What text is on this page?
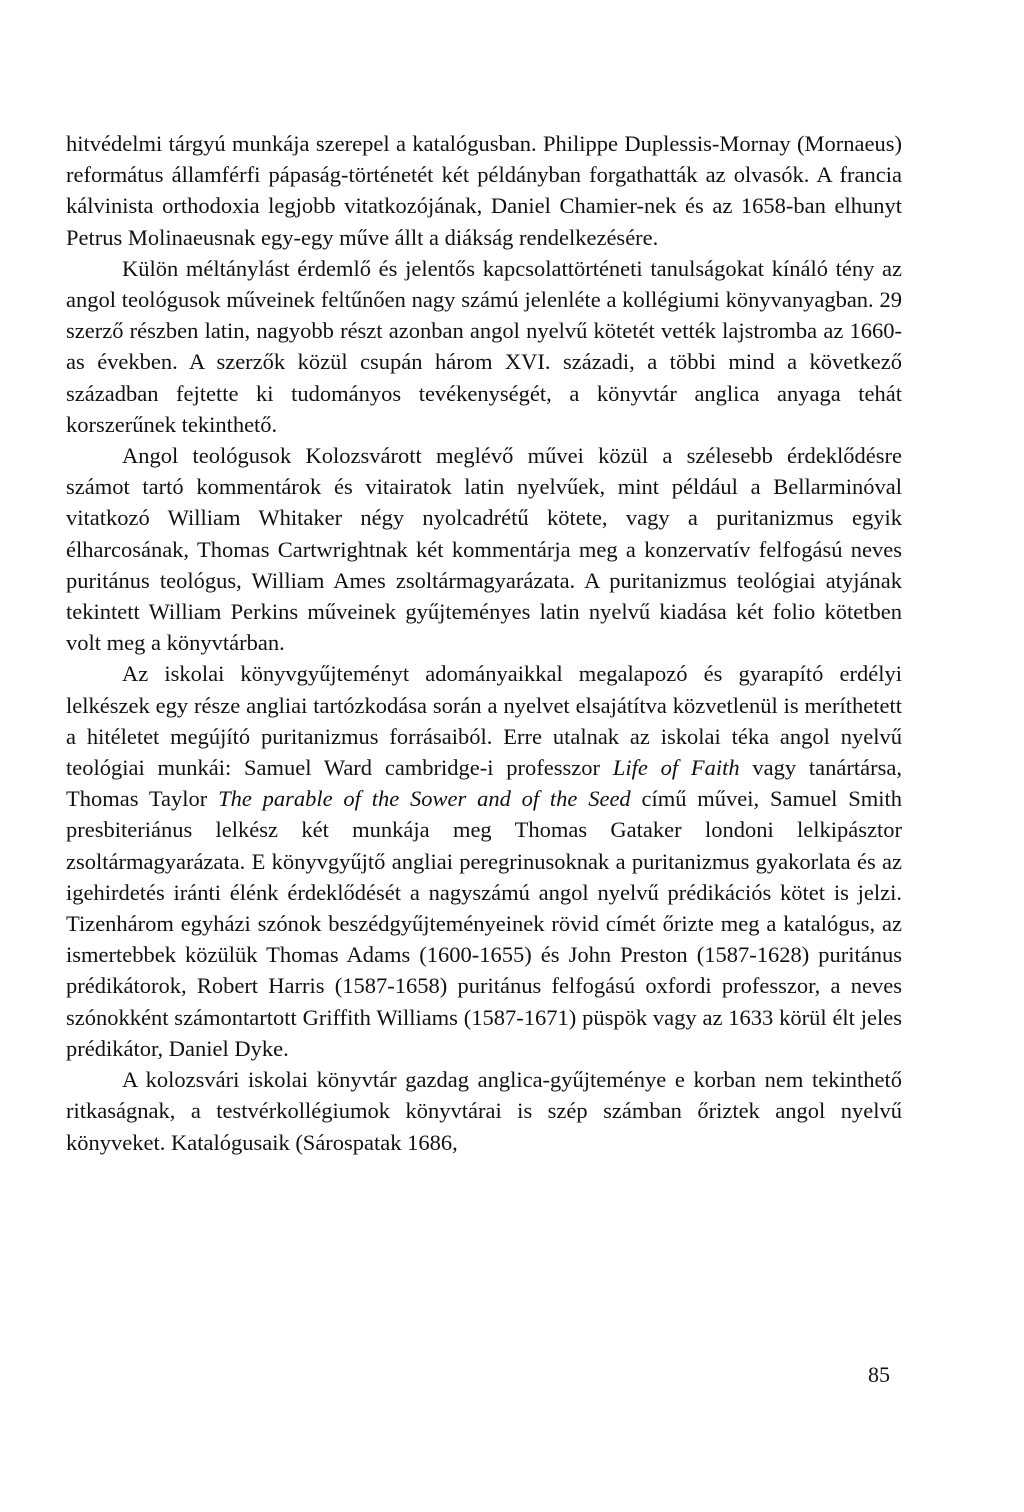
hitvédelmi tárgyú munkája szerepel a katalógusban. Philippe Duplessis-Mornay (Mornaeus) református államférfi pápaság-történetét két példányban forgathatták az olvasók. A francia kálvinista orthodoxia legjobb vitatkozójának, Daniel Chamier-nek és az 1658-ban elhunyt Petrus Molinaeusnak egy-egy műve állt a diákság rendelkezésére.

Külön méltánylást érdemlő és jelentős kapcsolattörténeti tanulságokat kínáló tény az angol teológusok műveinek feltűnően nagy számú jelenléte a kollégiumi könyvanyagban. 29 szerző részben latin, nagyobb részt azonban angol nyelvű kötetét vették lajstromba az 1660-as években. A szerzők közül csupán három XVI. századi, a többi mind a következő században fejtette ki tudományos tevékenységét, a könyvtár anglica anyaga tehát korszerűnek tekinthető.

Angol teológusok Kolozsvárott meglévő művei közül a szélesebb érdeklődésre számot tartó kommentárok és vitairatok latin nyelvűek, mint például a Bellarminóval vitatkozó William Whitaker négy nyolcadrétű kötete, vagy a puritanizmus egyik élharcosának, Thomas Cartwrightnak két kommentárja meg a konzervatív felfogású neves puritánus teológus, William Ames zsoltármagyarázata. A puritanizmus teológiai atyjának tekintett William Perkins műveinek gyűjteményes latin nyelvű kiadása két folio kötetben volt meg a könyvtárban.

Az iskolai könyvgyűjteményt adományaikkal megalapozó és gyarapító erdélyi lelkészek egy része angliai tartózkodása során a nyelvet elsajátítva közvetlenül is meríthetett a hitéletet megújító puritanizmus forrásaiból. Erre utalnak az iskolai téka angol nyelvű teológiai munkái: Samuel Ward cambridge-i professzor Life of Faith vagy tanártársa, Thomas Taylor The parable of the Sower and of the Seed című művei, Samuel Smith presbiteriánus lelkész két munkája meg Thomas Gataker londoni lelkipásztor zsoltármagyarázata. E könyvgyűjtő angliai peregrinusoknak a puritanizmus gyakorlata és az igehirdetés iránti élénk érdeklődését a nagyszámú angol nyelvű prédikációs kötet is jelzi. Tizenhárom egyházi szónok beszédgyűjteményeinek rövid címét őrizte meg a katalógus, az ismertebbek közülük Thomas Adams (1600-1655) és John Preston (1587-1628) puritánus prédikátorok, Robert Harris (1587-1658) puritánus felfogású oxfordi professzor, a neves szónokként számontartott Griffith Williams (1587-1671) püspök vagy az 1633 körül élt jeles prédikátor, Daniel Dyke.

A kolozsvári iskolai könyvtár gazdag anglica-gyűjteménye e korban nem tekinthető ritkaságnak, a testvérkollégiumok könyvtárai is szép számban őriztek angol nyelvű könyveket. Katalógusaik (Sárospatak 1686,

85
